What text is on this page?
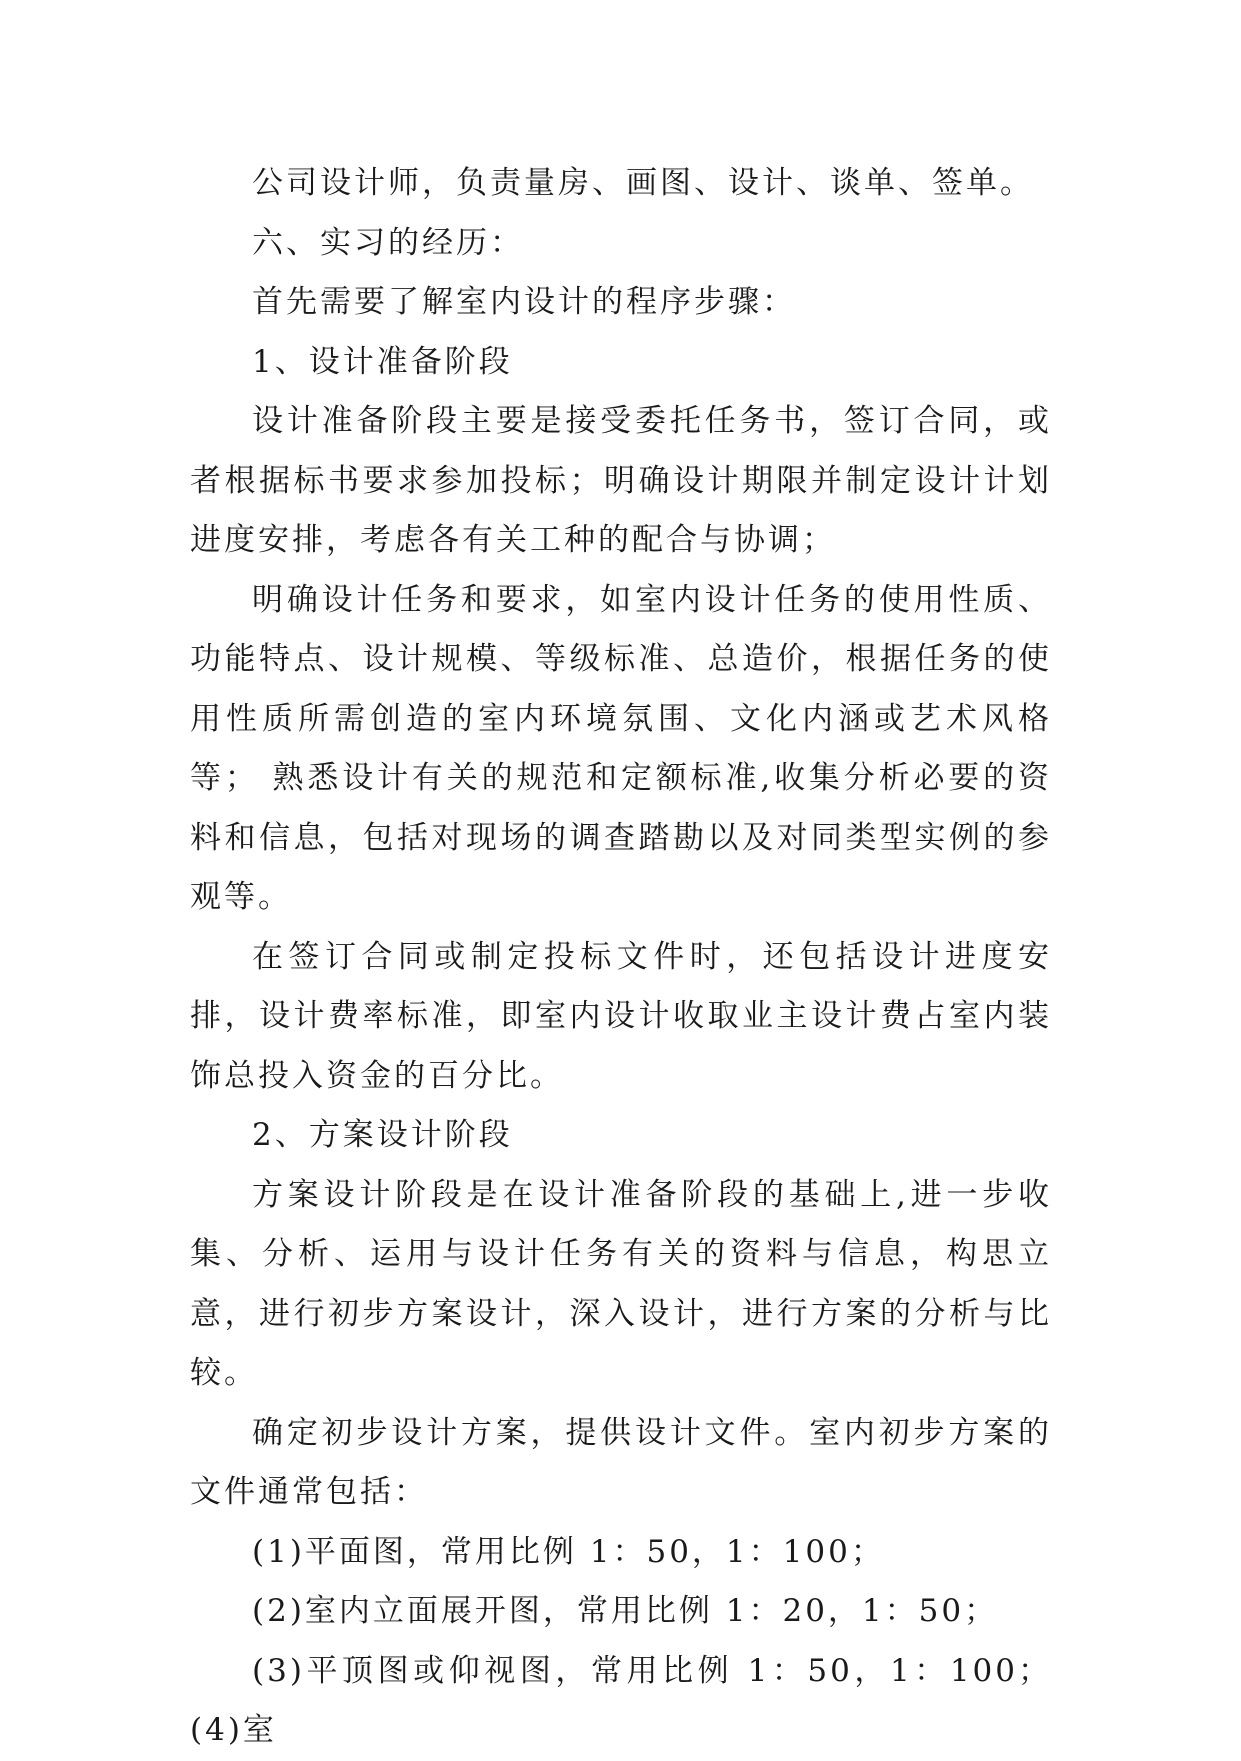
公司设计师，负责量房、画图、设计、谈单、签单。

六、实习的经历：

首先需要了解室内设计的程序步骤：

1、设计准备阶段

设计准备阶段主要是接受委托任务书，签订合同，或者根据标书要求参加投标；明确设计期限并制定设计计划进度安排，考虑各有关工种的配合与协调；

明确设计任务和要求，如室内设计任务的使用性质、功能特点、设计规模、等级标准、总造价，根据任务的使用性质所需创造的室内环境氛围、文化内涵或艺术风格等； 熟悉设计有关的规范和定额标准,收集分析必要的资料和信息，包括对现场的调查踏勘以及对同类型实例的参观等。

在签订合同或制定投标文件时，还包括设计进度安排，设计费率标准，即室内设计收取业主设计费占室内装饰总投入资金的百分比。

2、方案设计阶段

方案设计阶段是在设计准备阶段的基础上,进一步收集、分析、运用与设计任务有关的资料与信息，构思立意，进行初步方案设计，深入设计，进行方案的分析与比较。

确定初步设计方案，提供设计文件。室内初步方案的文件通常包括：

(1)平面图，常用比例 1：50，1：100；

(2)室内立面展开图，常用比例 1：20，1：50；

(3)平顶图或仰视图，常用比例 1：50，1：100； (4)室
